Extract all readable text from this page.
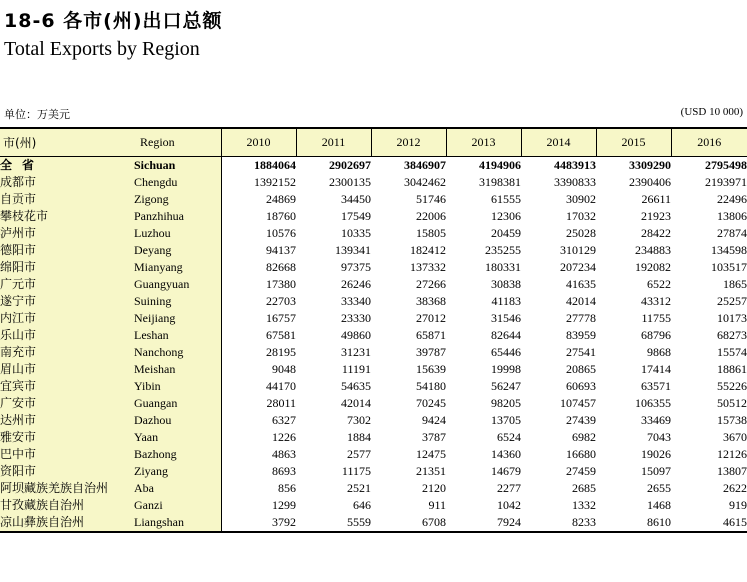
18-6 各市(州)出口总额
Total Exports by Region
单位：万美元	(USD 10 000)
市(州)	Region	2010	2011	2012	2013	2014	2015	2016
全省	Sichuan	1884064	2902697	3846907	4194906	4483913	3309290	2795498
成都市	Chengdu	1392152	2300135	3042462	3198381	3390833	2390406	2193971
自贡市	Zigong	24869	34450	51746	61555	30902	26611	22496
攀枝花市	Panzhihua	18760	17549	22006	12306	17032	21923	13806
泸州市	Luzhou	10576	10335	15805	20459	25028	28422	27874
德阳市	Deyang	94137	139341	182412	235255	310129	234883	134598
绵阳市	Mianyang	82668	97375	137332	180331	207234	192082	103517
广元市	Guangyuan	17380	26246	27266	30838	41635	6522	1865
遂宁市	Suining	22703	33340	38368	41183	42014	43312	25257
内江市	Neijiang	16757	23330	27012	31546	27778	11755	10173
乐山市	Leshan	67581	49860	65871	82644	83959	68796	68273
南充市	Nanchong	28195	31231	39787	65446	27541	9868	15574
眉山市	Meishan	9048	11191	15639	19998	20865	17414	18861
宜宾市	Yibin	44170	54635	54180	56247	60693	63571	55226
广安市	Guangan	28011	42014	70245	98205	107457	106355	50512
达州市	Dazhou	6327	7302	9424	13705	27439	33469	15738
雅安市	Yaan	1226	1884	3787	6524	6982	7043	3670
巴中市	Bazhong	4863	2577	12475	14360	16680	19026	12126
资阳市	Ziyang	8693	11175	21351	14679	27459	15097	13807
阿坝藏族羌族自治州	Aba	856	2521	2120	2277	2685	2655	2622
甘孜藏族自治州	Ganzi	1299	646	911	1042	1332	1468	919
凉山彝族自治州	Liangshan	3792	5559	6708	7924	8233	8610	4615
